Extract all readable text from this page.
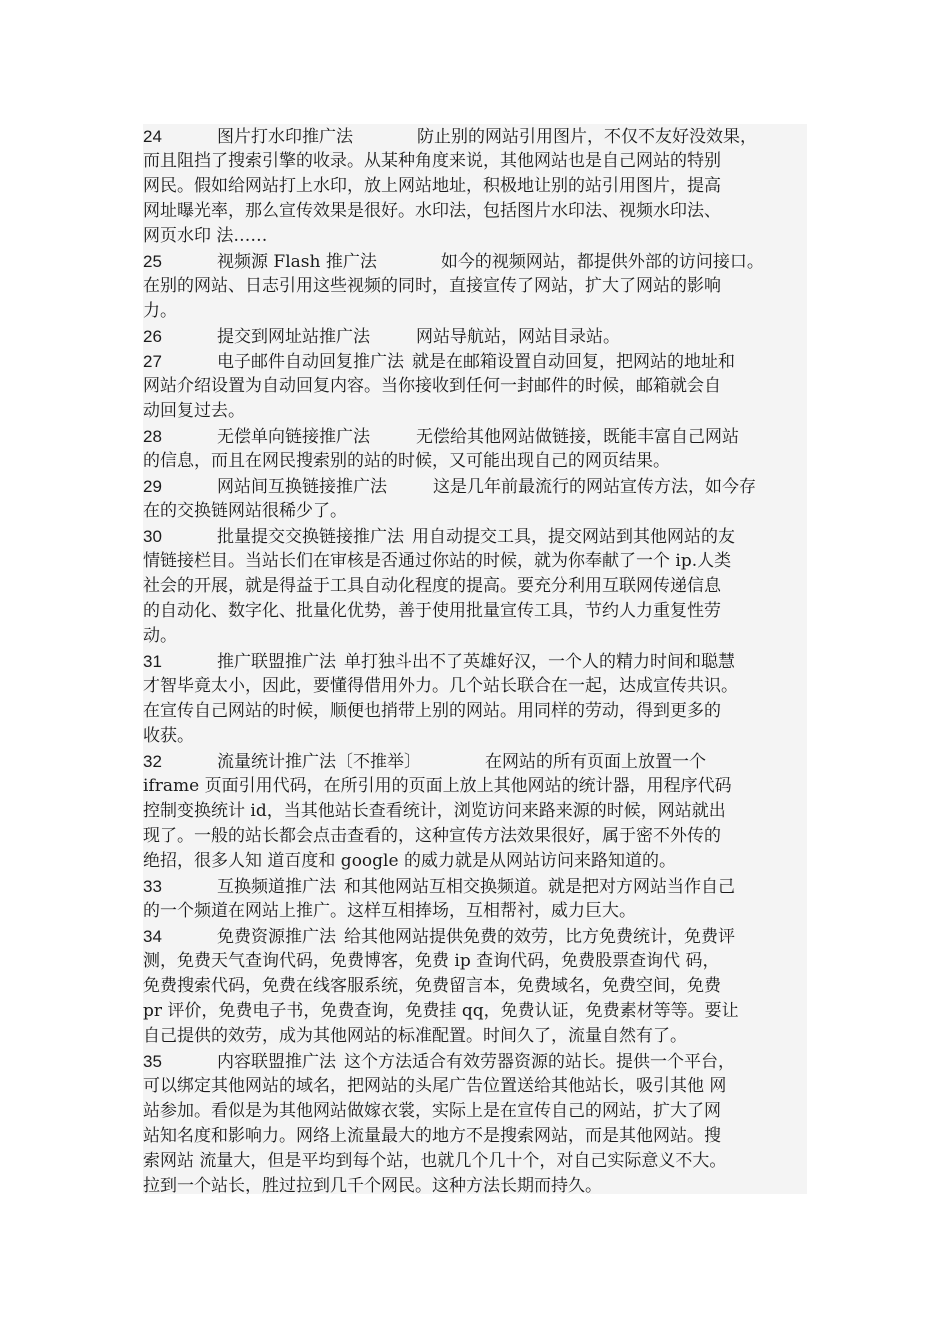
24	图片打水印推广法	防止别的网站引用图片，不仅不友好没效果，
而且阻挡了搜索引擎的收录。从某种角度来说，其他网站也是自己网站的特别
网民。假如给网站打上水印，放上网站地址，积极地让别的站引用图片，提高
网址曝光率，那么宣传效果是很好。水印法，包括图片水印法、视频水印法、
网页水印 法……
25	视频源 Flash 推广法	如今的视频网站，都提供外部的访问接口。
在别的网站、日志引用这些视频的同时，直接宣传了网站，扩大了网站的影响
力。
26	提交到网址站推广法	网站导航站，网站目录站。
27	电子邮件自动回复推广法 就是在邮箱设置自动回复，把网站的地址和
网站介绍设置为自动回复内容。当你接收到任何一封邮件的时候，邮箱就会自
动回复过去。
28	无偿单向链接推广法	无偿给其他网站做链接，既能丰富自己网站
的信息，而且在网民搜索别的站的时候，又可能出现自己的网页结果。
29	网站间互换链接推广法	这是几年前最流行的网站宣传方法，如今存
在的交换链网站很稀少了。
30	批量提交交换链接推广法 用自动提交工具，提交网站到其他网站的友
情链接栏目。当站长们在审核是否通过你站的时候，就为你奉献了一个 ip.人类
社会的开展，就是得益于工具自动化程度的提高。要充分利用互联网传递信息
的自动化、数字化、批量化优势，善于使用批量宣传工具，节约人力重复性劳
动。
31	推广联盟推广法 单打独斗出不了英雄好汉，一个人的精力时间和聪慧
才智毕竟太小，因此，要懂得借用外力。几个站长联合在一起，达成宣传共识。
在宣传自己网站的时候，顺便也捎带上别的网站。用同样的劳动，得到更多的
收获。
32	流量统计推广法〔不推举〕	在网站的所有页面上放置一个
iframe 页面引用代码，在所引用的页面上放上其他网站的统计器，用程序代码
控制变换统计 id，当其他站长查看统计，浏览访问来路来源的时候，网站就出
现了。一般的站长都会点击查看的，这种宣传方法效果很好，属于密不外传的
绝招，很多人知 道百度和 google 的威力就是从网站访问来路知道的。
33	互换频道推广法 和其他网站互相交换频道。就是把对方网站当作自己
的一个频道在网站上推广。这样互相捧场，互相帮衬，威力巨大。
34	免费资源推广法 给其他网站提供免费的效劳，比方免费统计，免费评
测，免费天气查询代码，免费博客，免费 ip 查询代码，免费股票查询代 码，
免费搜索代码，免费在线客服系统，免费留言本，免费域名，免费空间，免费
pr 评价，免费电子书，免费查询，免费挂 qq，免费认证，免费素材等等。要让
自己提供的效劳，成为其他网站的标准配置。时间久了，流量自然有了。
35	内容联盟推广法 这个方法适合有效劳器资源的站长。提供一个平台，
可以绑定其他网站的域名，把网站的头尾广告位置送给其他站长，吸引其他 网
站参加。看似是为其他网站做嫁衣裳，实际上是在宣传自己的网站，扩大了网
站知名度和影响力。网络上流量最大的地方不是搜索网站，而是其他网站。搜
索网站 流量大，但是平均到每个站，也就几个几十个，对自己实际意义不大。
拉到一个站长，胜过拉到几千个网民。这种方法长期而持久。
